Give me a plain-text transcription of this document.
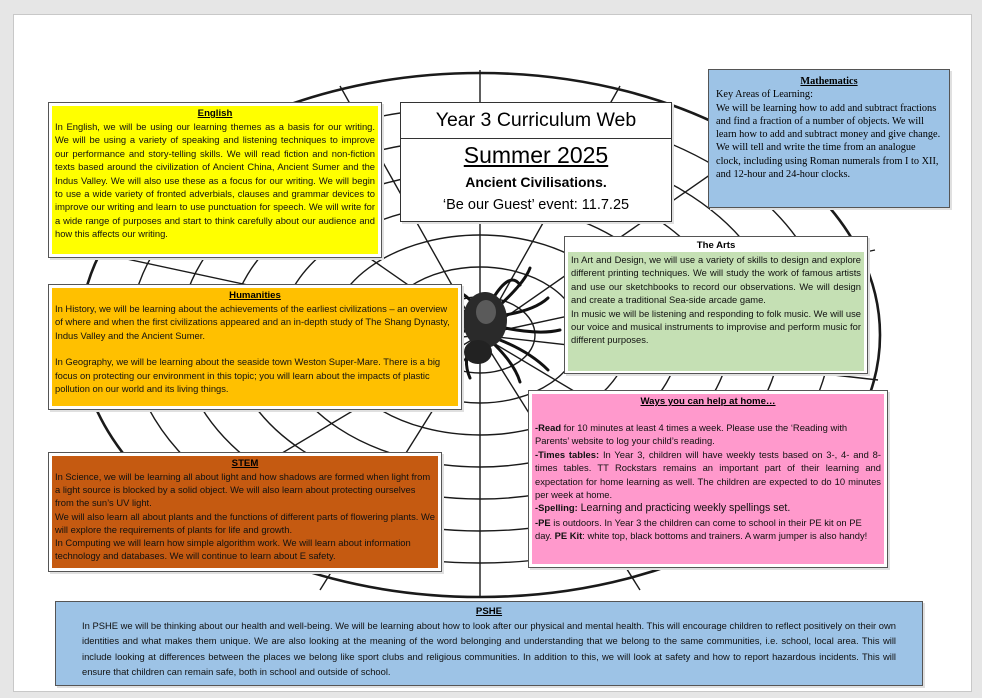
Year 3 Curriculum Web
Summer 2025
Ancient Civilisations.
‘Be our Guest’ event: 11.7.25
English

In English, we will be using our learning themes as a basis for our writing. We will be using a variety of speaking and listening techniques to improve our performance and story-telling skills. We will read fiction and non-fiction texts based around the civilization of Ancient China, Ancient Sumer and the Indus Valley. We will also use these as a focus for our writing. We will begin to use a wide variety of fronted adverbials, clauses and grammar devices to improve our writing and learn to use punctuation for speech. We will write for a wide range of purposes and start to think carefully about our audience and how this affects our writing.

Mathematics

Key Areas of Learning:

We will be learning how to add and subtract fractions and find a fraction of a number of objects. We will learn how to add and subtract money and give change.

We will tell and write the time from an analogue clock, including using Roman numerals from I to XII, and 12-hour and 24-hour clocks.

The Arts

In Art and Design, we will use a variety of skills to design and explore different printing techniques. We will study the work of famous artists and use our sketchbooks to record our observations. We will design and create a traditional Sea-side arcade game.

In music we will be listening and responding to folk music. We will use our voice and musical instruments to improvise and perform music for different purposes.

Humanities

In History, we will be learning about the achievements of the earliest civilizations – an overview of where and when the first civilizations appeared and an in-depth study of The Shang Dynasty, Indus Valley and the Ancient Sumer.

In Geography, we will be learning about the seaside town Weston Super-Mare. There is a big focus on protecting our environment in this topic; you will learn about the impacts of plastic pollution on our world and its living things.

Ways you can help at home…

-Read for 10 minutes at least 4 times a week. Please use the ‘Reading with Parents’ website to log your child’s reading.

-Times tables: In Year 3, children will have weekly tests based on 3-, 4- and 8-times tables. TT Rockstars remains an important part of their learning and expectation for home learning as well. The children are expected to do 10 minutes per week at home.

-Spelling: Learning and practicing weekly spellings set.

-PE is outdoors. In Year 3 the children can come to school in their PE kit on PE day. PE Kit: white top, black bottoms and trainers. A warm jumper is also handy!

STEM

In Science, we will be learning all about light and how shadows are formed when light from a light source is blocked by a solid object. We will also learn about protecting ourselves from the sun’s UV light.

We will also learn all about plants and the functions of different parts of flowering plants. We will explore the requirements of plants for life and growth.

In Computing we will learn how simple algorithm work. We will learn about information technology and databases. We will continue to learn about E safety.

PSHE

In PSHE we will be thinking about our health and well-being. We will be learning about how to look after our physical and mental health. This will encourage children to reflect positively on their own identities and what makes them unique. We are also looking at the meaning of the word belonging and understanding that we belong to the same communities, i.e. school, local area. This will include looking at differences between the places we belong like sport clubs and religious communities. In addition to this, we will look at safety and how to report hazardous incidents. This will ensure that children can remain safe, both in school and outside of school.
